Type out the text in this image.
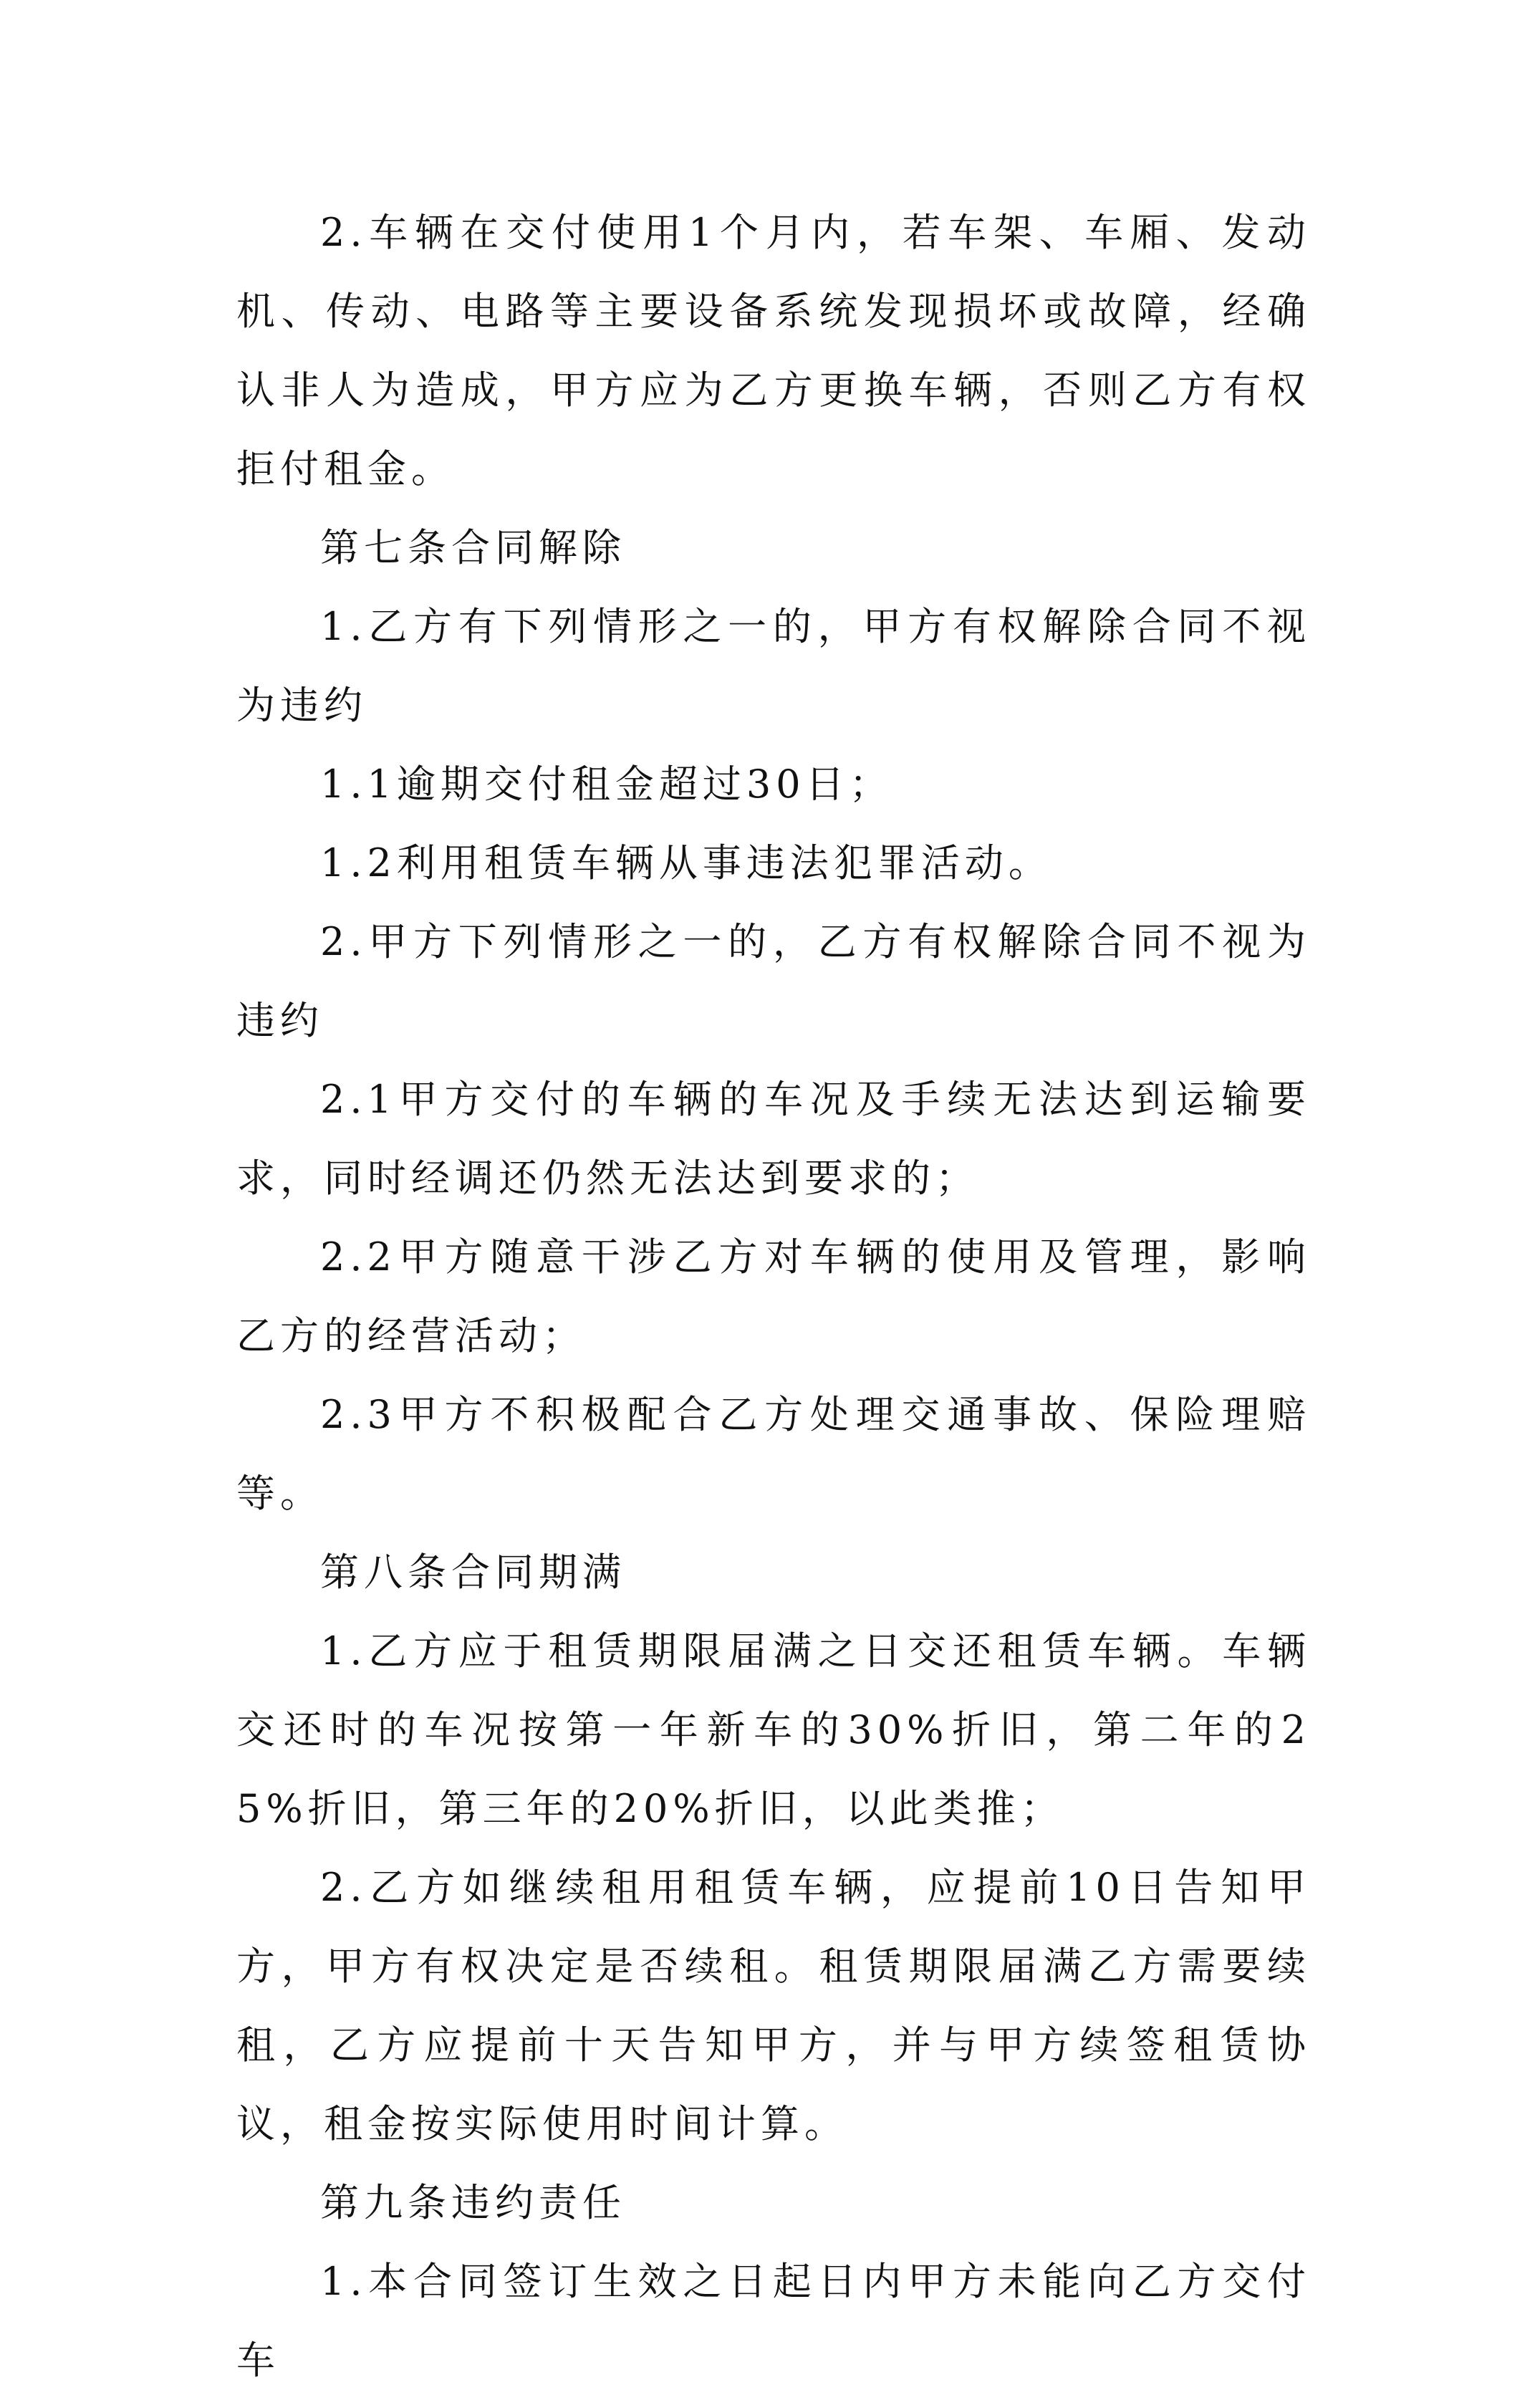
2.车辆在交付使用1个月内，若车架、车厢、发动机、传动、电路等主要设备系统发现损坏或故障，经确认非人为造成，甲方应为乙方更换车辆，否则乙方有权拒付租金。

第七条合同解除

1.乙方有下列情形之一的，甲方有权解除合同不视为违约

1.1逾期交付租金超过30日；

1.2利用租赁车辆从事违法犯罪活动。

2.甲方下列情形之一的，乙方有权解除合同不视为违约

2.1甲方交付的车辆的车况及手续无法达到运输要求，同时经调还仍然无法达到要求的；

2.2甲方随意干涉乙方对车辆的使用及管理，影响乙方的经营活动；

2.3甲方不积极配合乙方处理交通事故、保险理赔等。

第八条合同期满

1.乙方应于租赁期限届满之日交还租赁车辆。车辆交还时的车况按第一年新车的30%折旧，第二年的25%折旧，第三年的20%折旧，以此类推；

2.乙方如继续租用租赁车辆，应提前10日告知甲方，甲方有权决定是否续租。租赁期限届满乙方需要续租，乙方应提前十天告知甲方，并与甲方续签租赁协议，租金按实际使用时间计算。

第九条违约责任

1.本合同签订生效之日起日内甲方未能向乙方交付车
